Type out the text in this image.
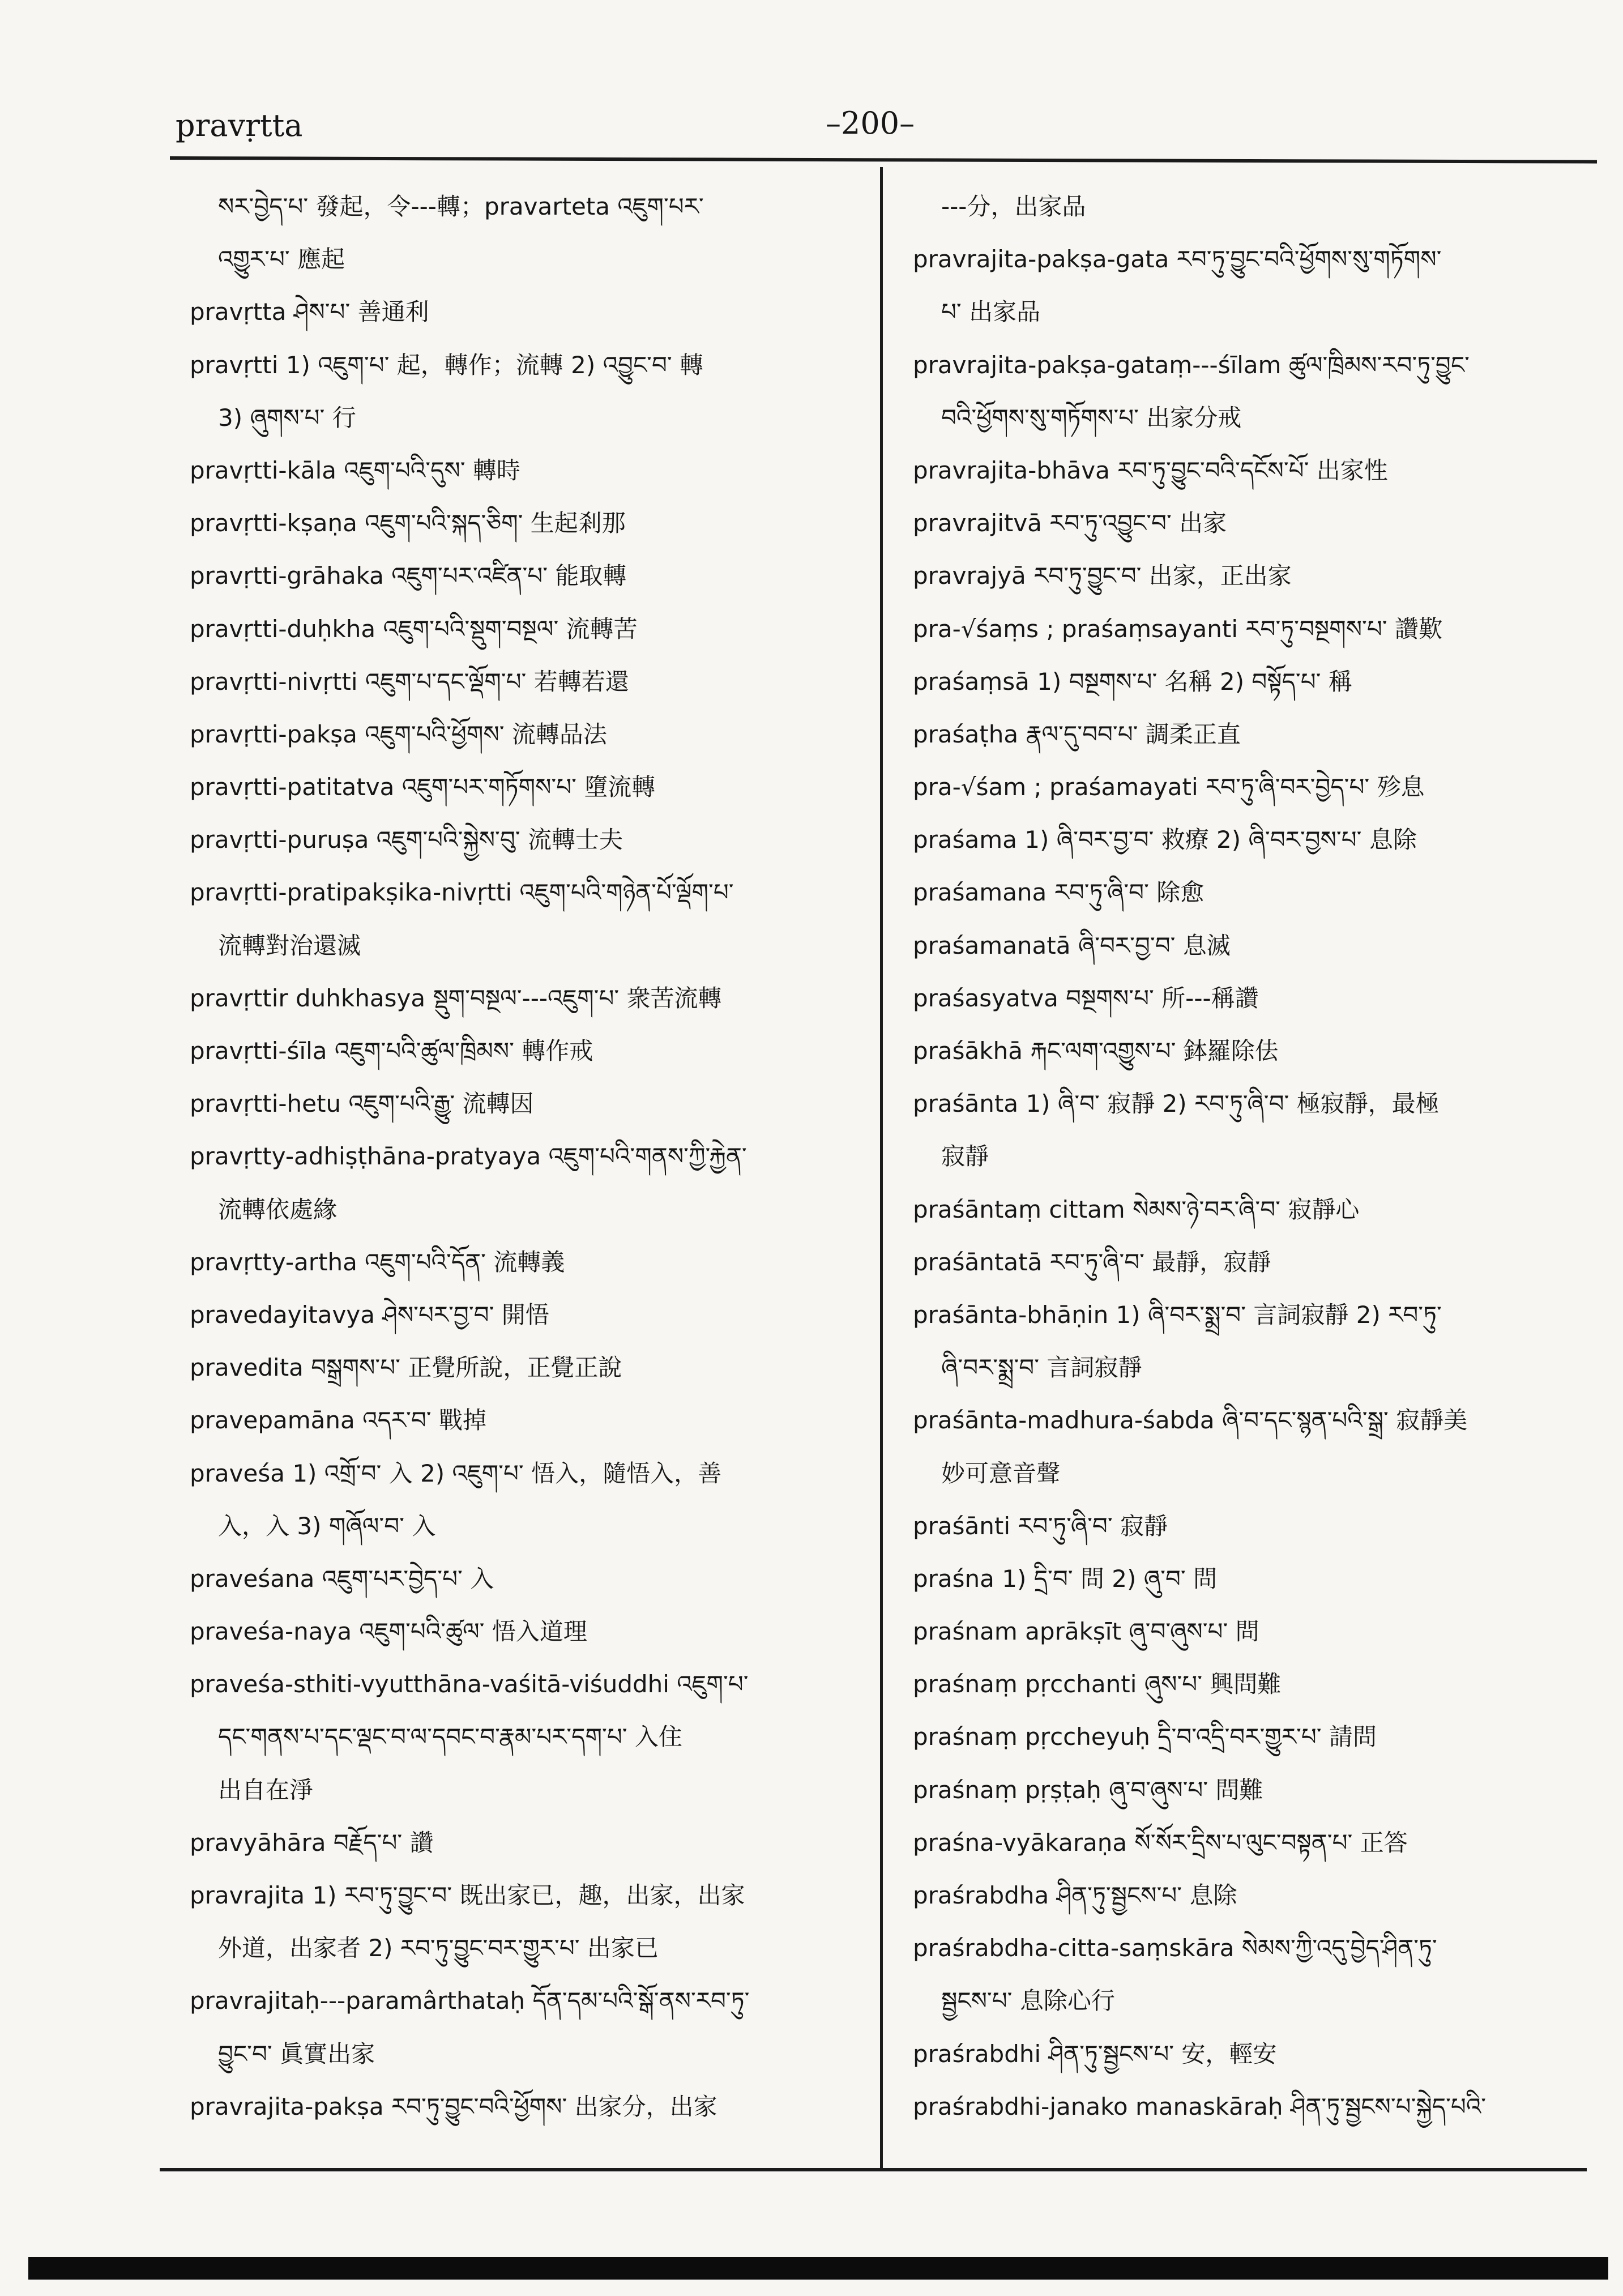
pravṛtta	–200–
སར་བྱེད་པ་ 發起，令---轉；pravarteta འཇུག་པར་
འགྱུར་པ་ 應起
pravṛtta ཤེས་པ་ 善通利
pravṛtti 1) འཇུག་པ་ 起，轉作；流轉 2) འབྱུང་བ་ 轉
3) ཞུགས་པ་ 行
pravṛtti-kāla འཇུག་པའི་དུས་ 轉時
pravṛtti-kṣaṇa འཇུག་པའི་སྐད་ཅིག་ 生起剎那
pravṛtti-grāhaka འཇུག་པར་འཛིན་པ་ 能取轉
pravṛtti-duḥkha འཇུག་པའི་སྡུག་བསྔལ་ 流轉苦
pravṛtti-nivṛtti འཇུག་པ་དང་ལྡོག་པ་ 若轉若還
pravṛtti-pakṣa འཇུག་པའི་ཕྱོགས་ 流轉品法
pravṛtti-patitatva འཇུག་པར་གཏོགས་པ་ 墮流轉
pravṛtti-puruṣa འཇུག་པའི་སྐྱེས་བུ་ 流轉士夫
pravṛtti-pratipakṣika-nivṛtti འཇུག་པའི་གཉེན་པོ་ལྡོག་པ་
流轉對治還滅
pravṛttir duhkhasya སྡུག་བསྔལ་---འཇུག་པ་ 衆苦流轉
pravṛtti-śīla འཇུག་པའི་ཚུལ་ཁྲིམས་ 轉作戒
pravṛtti-hetu འཇུག་པའི་རྒྱུ་ 流轉因
pravṛtty-adhiṣṭhāna-pratyaya འཇུག་པའི་གནས་ཀྱི་རྐྱེན་
流轉依處緣
pravṛtty-artha འཇུག་པའི་དོན་ 流轉義
pravedayitavya ཤེས་པར་བྱ་བ་ 開悟
pravedita བསྒྲགས་པ་ 正覺所說，正覺正說
pravepamāna འདར་བ་ 戰掉
praveśa 1) འགྲོ་བ་ 入 2) འཇུག་པ་ 悟入，隨悟入，善
入，入 3) གཞོལ་བ་ 入
praveśana འཇུག་པར་བྱེད་པ་ 入
praveśa-naya འཇུག་པའི་ཚུལ་ 悟入道理
praveśa-sthiti-vyutthāna-vaśitā-viśuddhi འཇུག་པ་
དང་གནས་པ་དང་ལྡང་བ་ལ་དབང་བ་རྣམ་པར་དག་པ་ 入住
出自在淨
pravyāhāra བརྗོད་པ་ 讚
pravrajita 1) རབ་ཏུ་བྱུང་བ་ 既出家已，趣，出家，出家
外道，出家者 2) རབ་ཏུ་བྱུང་བར་གྱུར་པ་ 出家已
pravrajitaḥ---paramârthataḥ དོན་དམ་པའི་སྒོ་ནས་རབ་ཏུ་
བྱུང་བ་ 眞實出家
pravrajita-pakṣa རབ་ཏུ་བྱུང་བའི་ཕྱོགས་ 出家分，出家
---分，出家品
pravrajita-pakṣa-gata རབ་ཏུ་བྱུང་བའི་ཕྱོགས་སུ་གཏོགས་
པ་ 出家品
pravrajita-pakṣa-gataṃ---śīlam ཚུལ་ཁྲིམས་རབ་ཏུ་བྱུང་
བའི་ཕྱོགས་སུ་གཏོགས་པ་ 出家分戒
pravrajita-bhāva རབ་ཏུ་བྱུང་བའི་དངོས་པོ་ 出家性
pravrajitvā རབ་ཏུ་འབྱུང་བ་ 出家
pravrajyā རབ་ཏུ་བྱུང་བ་ 出家，正出家
pra-√śaṃs ; praśaṃsayanti རབ་ཏུ་བསྔགས་པ་ 讚歎
praśaṃsā 1) བསྔགས་པ་ 名稱 2) བསྟོད་པ་ 稱
praśaṭha རྣལ་དུ་བབ་པ་ 調柔正直
pra-√śam ; praśamayati རབ་ཏུ་ཞི་བར་བྱེད་པ་ 殄息
praśama 1) ཞི་བར་བྱ་བ་ 救療 2) ཞི་བར་བྱས་པ་ 息除
praśamana རབ་ཏུ་ཞི་བ་ 除愈
praśamanatā ཞི་བར་བྱ་བ་ 息滅
praśasyatva བསྔགས་པ་ 所---稱讚
praśākhā རྐང་ལག་འགྱུས་པ་ 鉢羅除佉
praśānta 1) ཞི་བ་ 寂靜 2) རབ་ཏུ་ཞི་བ་ 極寂靜，最極
寂靜
praśāntaṃ cittam སེམས་ཉེ་བར་ཞི་བ་ 寂靜心
praśāntatā རབ་ཏུ་ཞི་བ་ 最靜，寂靜
praśānta-bhāṇin 1) ཞི་བར་སྨྲ་བ་ 言詞寂靜 2) རབ་ཏུ་
ཞི་བར་སྨྲ་བ་ 言詞寂靜
praśānta-madhura-śabda ཞི་བ་དང་སྙན་པའི་སྒྲ་ 寂靜美
妙可意音聲
praśānti རབ་ཏུ་ཞི་བ་ 寂靜
praśna 1) དྲི་བ་ 問 2) ཞུ་བ་ 問
praśnam aprākṣīt ཞུ་བ་ཞུས་པ་ 問
praśnaṃ pṛcchanti ཞུས་པ་ 興問難
praśnaṃ pṛccheyuḥ དྲི་བ་འདྲི་བར་གྱུར་པ་ 請問
praśnaṃ pṛṣṭaḥ ཞུ་བ་ཞུས་པ་ 問難
praśna-vyākaraṇa སོ་སོར་དྲིས་པ་ལུང་བསྟན་པ་ 正答
praśrabdha ཤིན་ཏུ་སྦྱངས་པ་ 息除
praśrabdha-citta-saṃskāra སེམས་ཀྱི་འདུ་བྱེད་ཤིན་ཏུ་
སྦྱངས་པ་ 息除心行
praśrabdhi ཤིན་ཏུ་སྦྱངས་པ་ 安，輕安
praśrabdhi-janako manaskāraḥ ཤིན་ཏུ་སྦྱངས་པ་སྐྱེད་པའི་
